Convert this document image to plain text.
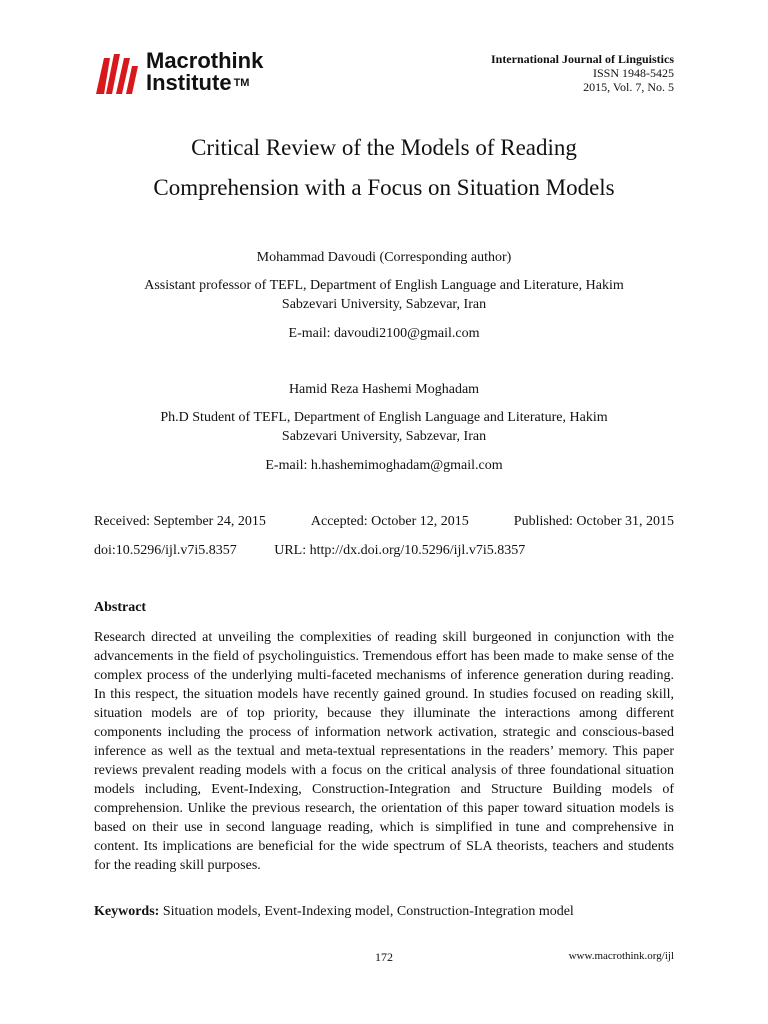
Macrothink
Institute ™
International Journal of Linguistics
ISSN 1948-5425
2015, Vol. 7, No. 5
Critical Review of the Models of Reading
Comprehension with a Focus on Situation Models
Mohammad Davoudi (Corresponding author)
Assistant professor of TEFL, Department of English Language and Literature, Hakim
Sabzevari University, Sabzevar, Iran
E-mail: davoudi2100@gmail.com
Hamid Reza Hashemi Moghadam
Ph.D Student of TEFL, Department of English Language and Literature, Hakim
Sabzevari University, Sabzevar, Iran
E-mail: h.hashemimoghadam@gmail.com
Received: September 24, 2015	Accepted: October 12, 2015	Published: October 31, 2015
doi:10.5296/ijl.v7i5.8357	URL: http://dx.doi.org/10.5296/ijl.v7i5.8357
Abstract

Research directed at unveiling the complexities of reading skill burgeoned in conjunction with the advancements in the field of psycholinguistics. Tremendous effort has been made to make sense of the complex process of the underlying multi-faceted mechanisms of inference generation during reading. In this respect, the situation models have recently gained ground. In studies focused on reading skill, situation models are of top priority, because they illuminate the interactions among different components including the process of information network activation, strategic and conscious-based inference as well as the textual and meta-textual representations in the readers’ memory. This paper reviews prevalent reading models with a focus on the critical analysis of three foundational situation models including, Event-Indexing, Construction-Integration and Structure Building models of comprehension. Unlike the previous research, the orientation of this paper toward situation models is based on their use in second language reading, which is simplified in tune and comprehensive in content. Its implications are beneficial for the wide spectrum of SLA theorists, teachers and students for the reading skill purposes.

Keywords: Situation models, Event-Indexing model, Construction-Integration model
172	www.macrothink.org/ijl
